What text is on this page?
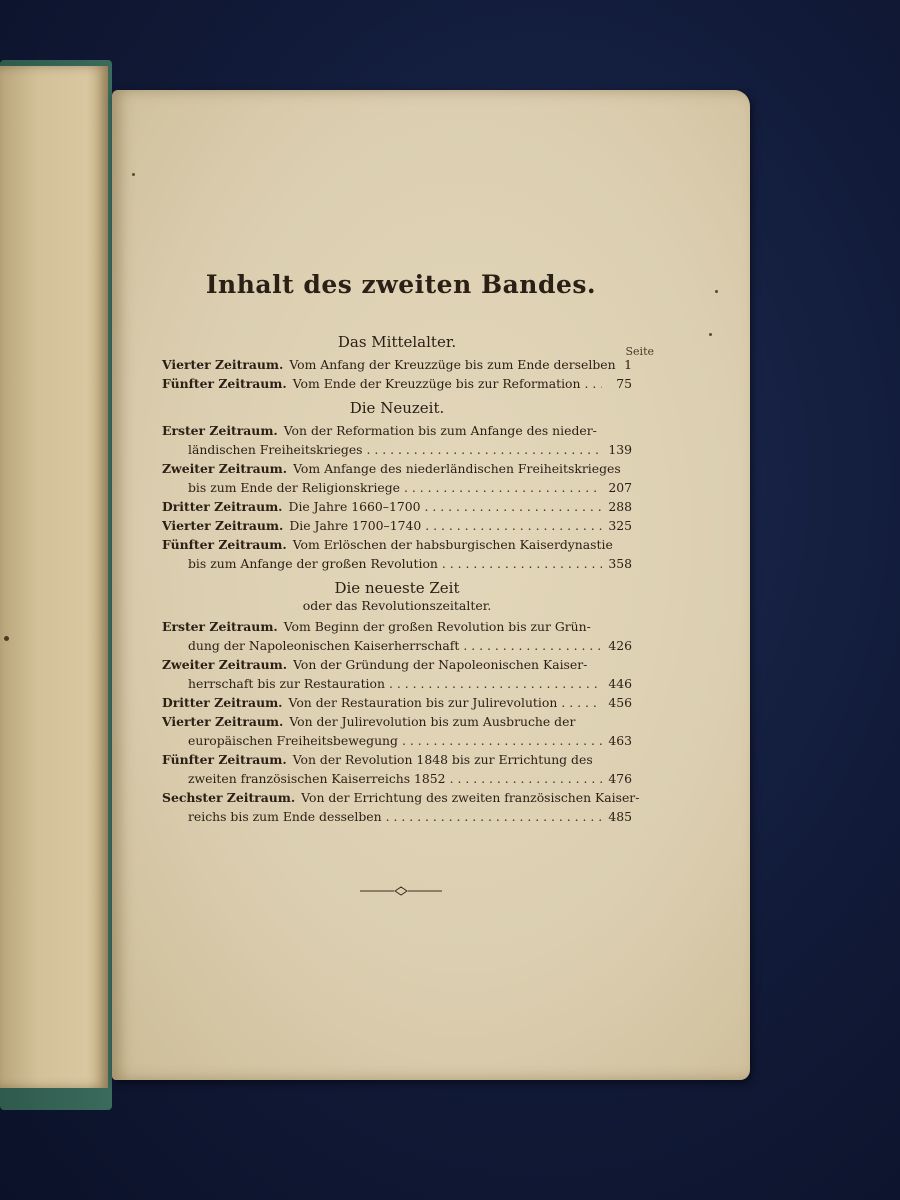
Inhalt des zweiten Bandes.
Das Mittelalter.
Seite
Vierter Zeitraum. Vom Anfang der Kreuzzüge bis zum Ende derselben 1
Fünfter Zeitraum. Vom Ende der Kreuzzüge bis zur Reformation . . .	75
Die Neuzeit.
Erster Zeitraum. Von der Reformation bis zum Anfange des nieder-
ländischen Freiheitskrieges . . .	139
Zweiter Zeitraum. Vom Anfange des niederländischen Freiheitskrieges
bis zum Ende der Religionskriege . . .	207
Dritter Zeitraum. Die Jahre 1660–1700 . . .	288
Vierter Zeitraum. Die Jahre 1700–1740 . . .	325
Fünfter Zeitraum. Vom Erlöschen der habsburgischen Kaiserdynastie
bis zum Anfange der großen Revolution . . .	358
Die neueste Zeit
oder das Revolutionszeitalter.
Erster Zeitraum. Vom Beginn der großen Revolution bis zur Grün-
dung der Napoleonischen Kaiserherrschaft . . .	426
Zweiter Zeitraum. Von der Gründung der Napoleonischen Kaiser-
herrschaft bis zur Restauration . . .	446
Dritter Zeitraum. Von der Restauration bis zur Julirevolution . . .	456
Vierter Zeitraum. Von der Julirevolution bis zum Ausbruche der
europäischen Freiheitsbewegung . . .	463
Fünfter Zeitraum. Von der Revolution 1848 bis zur Errichtung des
zweiten französischen Kaiserreichs 1852 . . .	476
Sechster Zeitraum. Von der Errichtung des zweiten französischen Kaiser-
reichs bis zum Ende desselben . . .	485
